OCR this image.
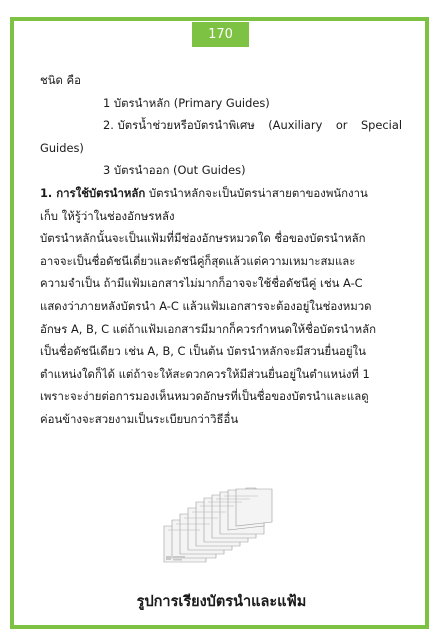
170
ชนิด คือ
1 บัตรนำหลัก (Primary Guides)
2. บัตรน้ำช่วยหรือบัตรนำพิเศษ (Auxiliary or Special
Guides)
3 บัตรนำออก (Out Guides)
1. การใช้บัตรนำหลัก บัตรนำหลักจะเป็นบัตรน่าสายตาของพนักงาน
เก็บ ให้รู้ว่าในช่องอักษรหลัง
บัตรนำหลักนั้นจะเป็นแฟ้มที่มีช่องอักษรหมวดใด ชื่อของบัตรนำหลัก
อาจจะเป็นชื่อดัชนีเดี่ยวและดัชนีคู่ก็สุดแล้วแต่ความเหมาะสมและ
ความจำเป็น ถ้ามีแฟ้มเอกสารไม่มากก็อาจจะใช้ชื่อดัชนีคู่ เช่น A-C
แสดงว่าภายหลังบัตรนำ A-C แล้วแฟ้มเอกสารจะต้องอยู่ในช่องหมวด
อักษร A, B, C แต่ถ้าแฟ้มเอกสารมีมากก็ควรกำหนดให้ชื่อบัตรนำหลัก
เป็นชื่อดัชนีเดียว เช่น A, B, C เป็นต้น บัตรนำหลักจะมีสวนยื่นอยู่ใน
ตำแหน่งใดก็ได้ แต่ถ้าจะให้สะดวกควรให้มีส่วนยื่นอยู่ในตำแหน่งที่ 1
เพราะจะง่ายต่อการมองเห็นหมวดอักษรที่เป็นชื่อของบัตรนำและแลดู
ค่อนข้างจะสวยงามเป็นระเบียบกว่าวิธีอื่น
รูปการเรียงบัตรนำและแฟ้ม
